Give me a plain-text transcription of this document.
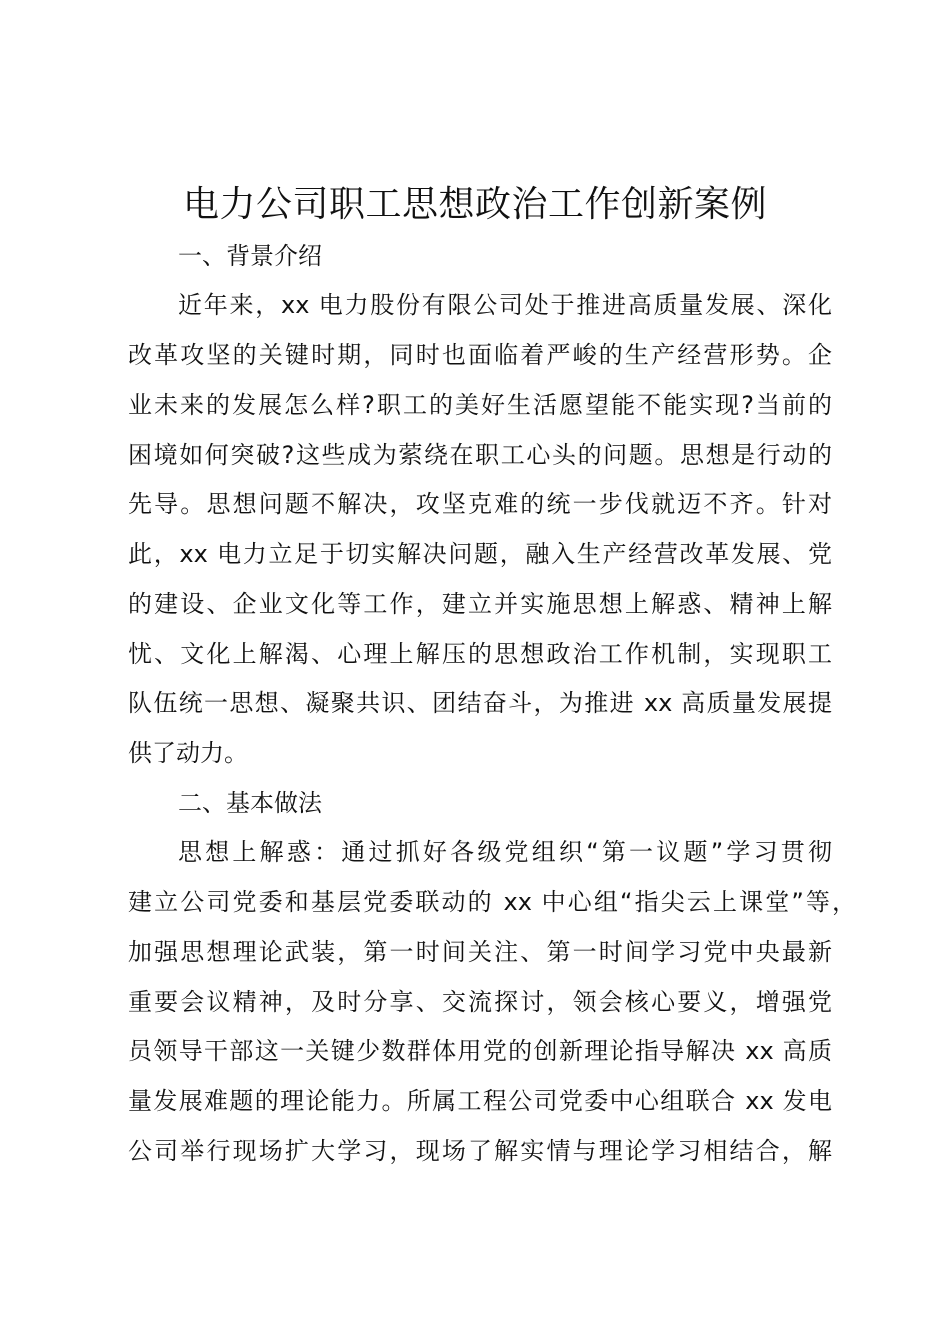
电力公司职工思想政治工作创新案例

一、背景介绍

近年来，xx 电力股份有限公司处于推进高质量发展、深化

改革攻坚的关键时期，同时也面临着严峻的生产经营形势。企

业未来的发展怎么样?职工的美好生活愿望能不能实现?当前的

困境如何突破?这些成为萦绕在职工心头的问题。思想是行动的

先导。思想问题不解决，攻坚克难的统一步伐就迈不齐。针对

此，xx 电力立足于切实解决问题，融入生产经营改革发展、党

的建设、企业文化等工作，建立并实施思想上解惑、精神上解

忧、文化上解渴、心理上解压的思想政治工作机制，实现职工

队伍统一思想、凝聚共识、团结奋斗，为推进 xx 高质量发展提

供了动力。

二、基本做法

思想上解惑：通过抓好各级党组织“第一议题”学习贯彻

建立公司党委和基层党委联动的 xx 中心组“指尖云上课堂”等，

加强思想理论武装，第一时间关注、第一时间学习党中央最新

重要会议精神，及时分享、交流探讨，领会核心要义，增强党

员领导干部这一关键少数群体用党的创新理论指导解决 xx 高质

量发展难题的理论能力。所属工程公司党委中心组联合 xx 发电

公司举行现场扩大学习，现场了解实情与理论学习相结合，解
